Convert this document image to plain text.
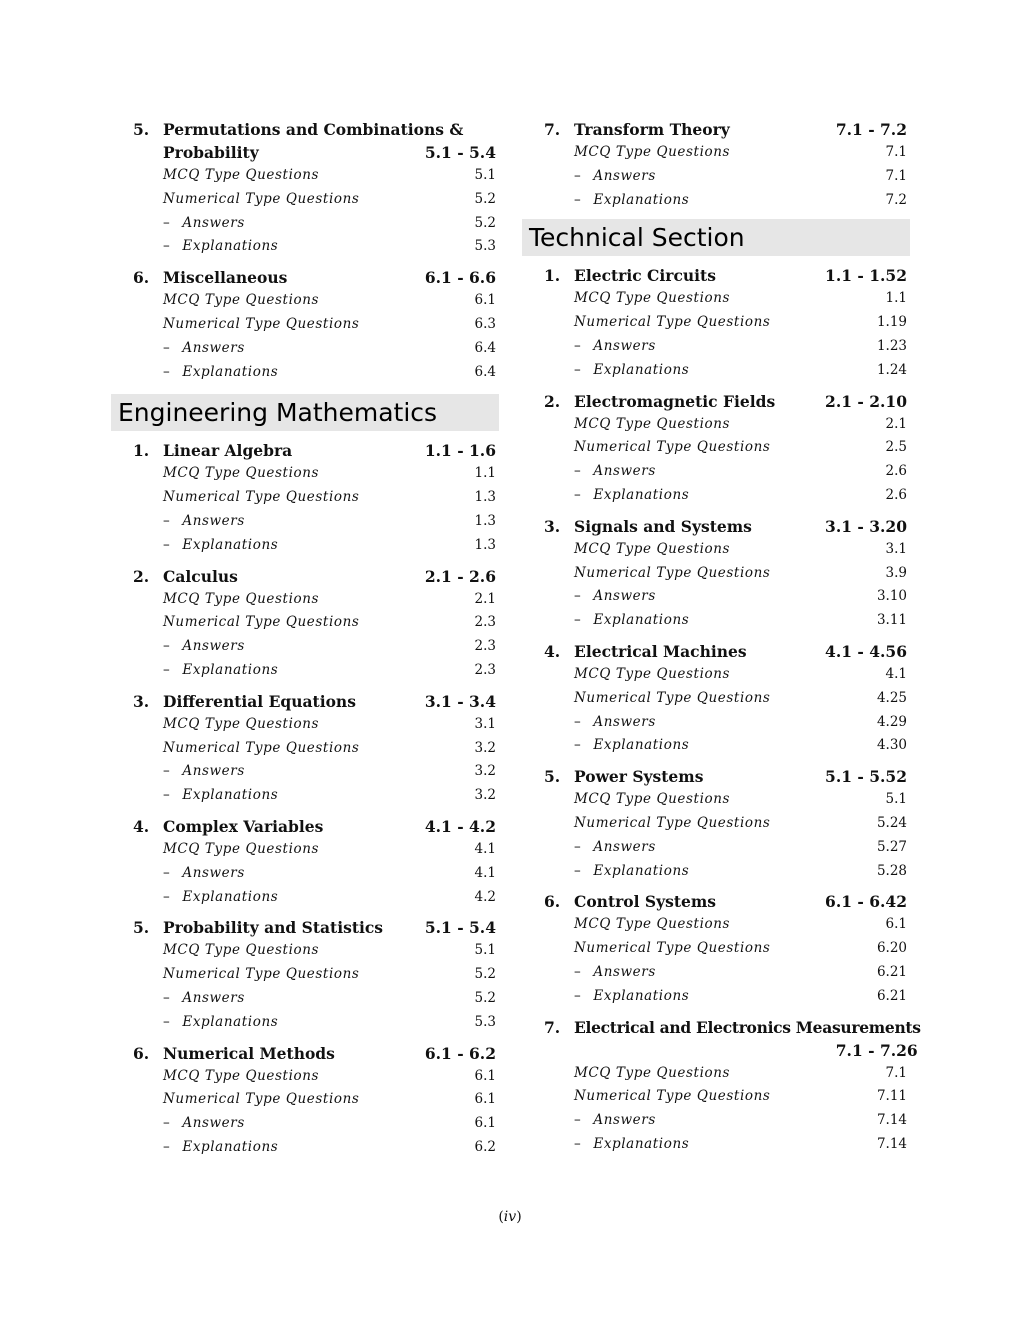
5. Permutations and Combinations &
Probability	5.1 - 5.4
MCQ Type Questions	5.1
Numerical Type Questions	5.2
– Answers	5.2
– Explanations	5.3
6. Miscellaneous	6.1 - 6.6
MCQ Type Questions	6.1
Numerical Type Questions	6.3
– Answers	6.4
– Explanations	6.4
Engineering Mathematics
1. Linear Algebra	1.1 - 1.6
MCQ Type Questions	1.1
Numerical Type Questions	1.3
– Answers	1.3
– Explanations	1.3
2. Calculus	2.1 - 2.6
MCQ Type Questions	2.1
Numerical Type Questions	2.3
– Answers	2.3
– Explanations	2.3
3. Differential Equations	3.1 - 3.4
MCQ Type Questions	3.1
Numerical Type Questions	3.2
– Answers	3.2
– Explanations	3.2
4. Complex Variables	4.1 - 4.2
MCQ Type Questions	4.1
– Answers	4.1
– Explanations	4.2
5. Probability and Statistics	5.1 - 5.4
MCQ Type Questions	5.1
Numerical Type Questions	5.2
– Answers	5.2
– Explanations	5.3
6. Numerical Methods	6.1 - 6.2
MCQ Type Questions	6.1
Numerical Type Questions	6.1
– Answers	6.1
– Explanations	6.2
7. Transform Theory	7.1 - 7.2
MCQ Type Questions	7.1
– Answers	7.1
– Explanations	7.2
Technical Section
1. Electric Circuits	1.1 - 1.52
MCQ Type Questions	1.1
Numerical Type Questions	1.19
– Answers	1.23
– Explanations	1.24
2. Electromagnetic Fields	2.1 - 2.10
MCQ Type Questions	2.1
Numerical Type Questions	2.5
– Answers	2.6
– Explanations	2.6
3. Signals and Systems	3.1 - 3.20
MCQ Type Questions	3.1
Numerical Type Questions	3.9
– Answers	3.10
– Explanations	3.11
4. Electrical Machines	4.1 - 4.56
MCQ Type Questions	4.1
Numerical Type Questions	4.25
– Answers	4.29
– Explanations	4.30
5. Power Systems	5.1 - 5.52
MCQ Type Questions	5.1
Numerical Type Questions	5.24
– Answers	5.27
– Explanations	5.28
6. Control Systems	6.1 - 6.42
MCQ Type Questions	6.1
Numerical Type Questions	6.20
– Answers	6.21
– Explanations	6.21
7. Electrical and Electronics Measurements
7.1 - 7.26
MCQ Type Questions	7.1
Numerical Type Questions	7.11
– Answers	7.14
– Explanations	7.14
(iv)
